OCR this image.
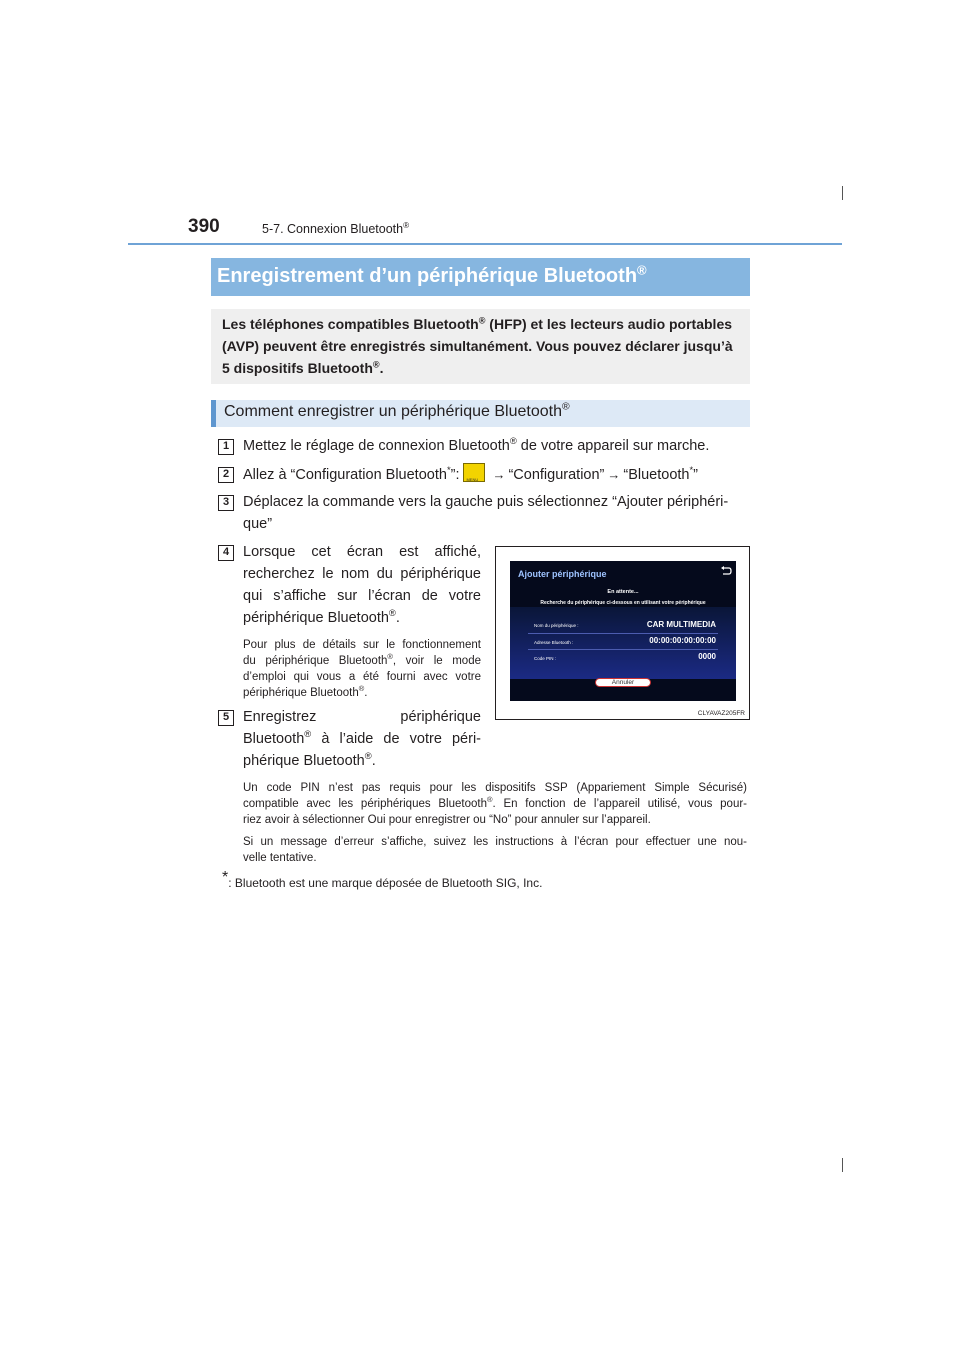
390	5-7. Connexion Bluetooth®
Enregistrement d’un périphérique Bluetooth®
Les téléphones compatibles Bluetooth® (HFP) et les lecteurs audio portables
(AVP) peuvent être enregistrés simultanément. Vous pouvez déclarer jusqu’à
5 dispositifs Bluetooth®.
Comment enregistrer un périphérique Bluetooth®
1 Mettez le réglage de connexion Bluetooth® de votre appareil sur marche.
2 Allez à “Configuration Bluetooth*”: MENU → “Configuration” → “Bluetooth*”
3 Déplacez la commande vers la gauche puis sélectionnez “Ajouter périphéri-
que”
4 Lorsque cet écran est affiché,
recherchez le nom du périphérique
qui s’affiche sur l’écran de votre
périphérique Bluetooth®.
Pour plus de détails sur le fonctionnement
du périphérique Bluetooth®, voir le mode
d’emploi qui vous a été fourni avec votre
périphérique Bluetooth®.
Ajouter périphérique
En attente...
Recherche du périphérique ci-dessous en utilisant votre périphérique
Nom du périphérique :	CAR MULTIMEDIA
Adresse Bluetooth :	00:00:00:00:00:00
Code PIN :	0000
Annuler
CLYAVAZ205FR
5 Enregistrez périphérique
Bluetooth® à l’aide de votre péri-
phérique Bluetooth®.
Un code PIN n’est pas requis pour les dispositifs SSP (Appariement Simple Sécurisé)
compatible avec les périphériques Bluetooth®. En fonction de l’appareil utilisé, vous pour-
riez avoir à sélectionner Oui pour enregistrer ou “No” pour annuler sur l’appareil.
Si un message d’erreur s’affiche, suivez les instructions à l’écran pour effectuer une nou-
velle tentative.
*: Bluetooth est une marque déposée de Bluetooth SIG, Inc.
